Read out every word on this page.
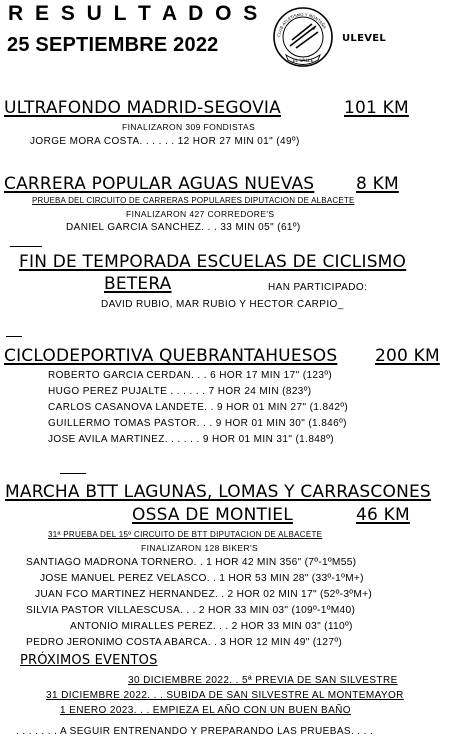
R E S U L T A D O S
25 SEPTIEMBRE 2022
EL VALLE
CLUB ATLETISMO Y MONTAÑA
ULEVEL
ULTRAFONDO MADRID-SEGOVIA	101 KM
FINALIZARON 309 FONDISTAS
JORGE MORA COSTA. . . . . . 12 HOR 27 MIN 01" (49º)
CARRERA POPULAR AGUAS NUEVAS 8 KM
PRUEBA DEL CIRCUITO DE CARRERAS POPULARES DIPUTACION DE ALBACETE
FINALIZARON 427 CORREDORE'S
DANIEL GARCIA SANCHEZ. . . 33 MIN 05" (61º)
FIN DE TEMPORADA ESCUELAS DE CICLISMO
BETERA	HAN PARTICIPADO:
DAVID RUBIO, MAR RUBIO Y HECTOR CARPIO_
CICLODEPORTIVA QUEBRANTAHUESOS 200 KM
ROBERTO GARCIA CERDAN. . . 6 HOR 17 MIN 17" (123º)
HUGO PEREZ PUJALTE . . . . . . 7 HOR 24 MIN (823º)
CARLOS CASANOVA LANDETE. . 9 HOR 01 MIN 27" (1.842º)
GUILLERMO TOMAS PASTOR. . . 9 HOR 01 MIN 30" (1.846º)
JOSE AVILA MARTINEZ. . . . . . 9 HOR 01 MIN 31" (1.848º)
MARCHA BTT LAGUNAS, LOMAS Y CARRASCONES
OSSA DE MONTIEL	46 KM
31ª PRUEBA DEL 15º CIRCUITO DE BTT DIPUTACION DE ALBACETE
FINALIZARON 128 BIKER'S
SANTIAGO MADRONA TORNERO. . 1 HOR 42 MIN 356" (7º-1ºM55)
JOSE MANUEL PEREZ VELASCO. . 1 HOR 53 MIN 28" (33º-1ºM+)
JUAN FCO MARTINEZ HERNANDEZ. . 2 HOR 02 MIN 17" (52º-3ºM+)
SILVIA PASTOR VILLAESCUSA. . . 2 HOR 33 MIN 03" (109º-1ºM40)
ANTONIO MIRALLES PEREZ. . . 2 HOR 33 MIN 03" (110º)
PEDRO JERONIMO COSTA ABARCA. . 3 HOR 12 MIN 49" (127º)
PRÓXIMOS EVENTOS
30 DICIEMBRE 2022. . 5ª PREVIA DE SAN SILVESTRE
31 DICIEMBRE 2022. . . SUBIDA DE SAN SILVESTRE AL MONTEMAYOR
1 ENERO 2023. . . EMPIEZA EL AÑO CON UN BUEN BAÑO
. . . . . . . A SEGUIR ENTRENANDO Y PREPARANDO LAS PRUEBAS. . . .
